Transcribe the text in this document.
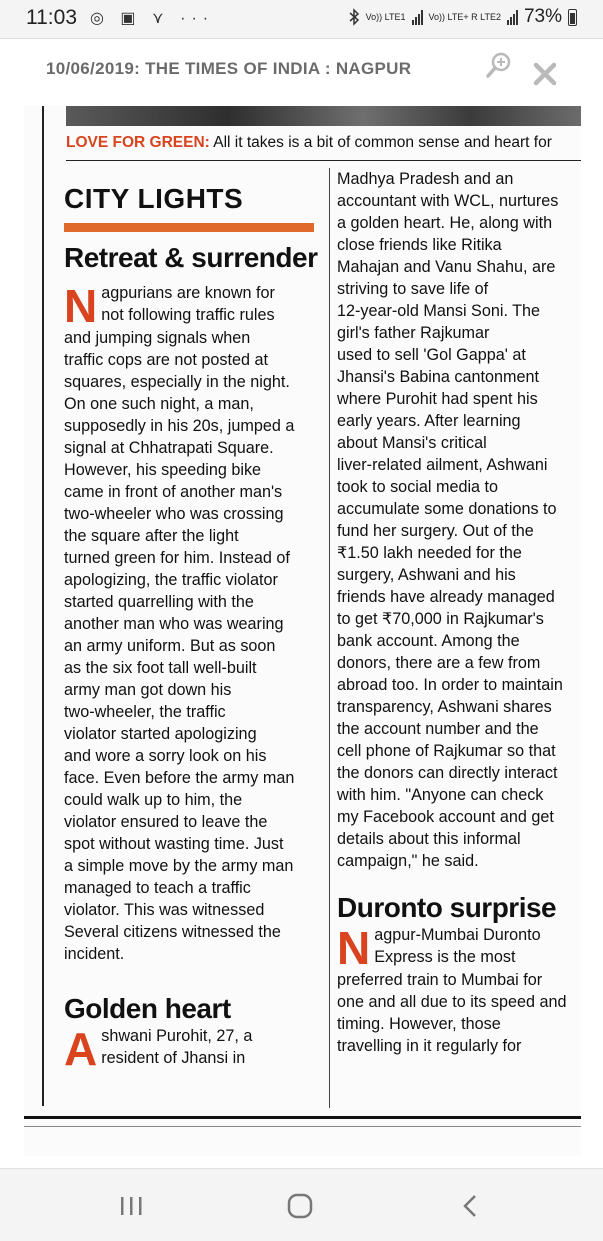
11:03 ◎ ▣ ⋎ ···	Vo)) LTE1	Vo)) LTE+ R LTE2 73%
10/06/2019: THE TIMES OF INDIA : NAGPUR
LOVE FOR GREEN: All it takes is a bit of common sense and heart for
CITY LIGHTS
Retreat & surrender
N agpurians are known for
not following traffic rules
and jumping signals when
traffic cops are not posted at
squares, especially in the night.
On one such night, a man,
supposedly in his 20s, jumped a
signal at Chhatrapati Square.
However, his speeding bike
came in front of another man's
two-wheeler who was crossing
the square after the light
turned green for him. Instead of
apologizing, the traffic violator
started quarrelling with the
another man who was wearing
an army uniform. But as soon
as the six foot tall well-built
army man got down his
two-wheeler, the traffic
violator started apologizing
and wore a sorry look on his
face. Even before the army man
could walk up to him, the
violator ensured to leave the
spot without wasting time. Just
a simple move by the army man
managed to teach a traffic
violator. This was witnessed
Several citizens witnessed the
incident.
Golden heart
A shwani Purohit, 27, a
resident of Jhansi in
Madhya Pradesh and an
accountant with WCL, nurtures
a golden heart. He, along with
close friends like Ritika
Mahajan and Vanu Shahu, are
striving to save life of
12-year-old Mansi Soni. The
girl's father Rajkumar
used to sell 'Gol Gappa' at
Jhansi's Babina cantonment
where Purohit had spent his
early years. After learning
about Mansi's critical
liver-related ailment, Ashwani
took to social media to
accumulate some donations to
fund her surgery. Out of the
₹1.50 lakh needed for the
surgery, Ashwani and his
friends have already managed
to get ₹70,000 in Rajkumar's
bank account. Among the
donors, there are a few from
abroad too. In order to maintain
transparency, Ashwani shares
the account number and the
cell phone of Rajkumar so that
the donors can directly interact
with him. "Anyone can check
my Facebook account and get
details about this informal
campaign," he said.
Duronto surprise
N agpur-Mumbai Duronto
Express is the most
preferred train to Mumbai for
one and all due to its speed and
timing. However, those
travelling in it regularly for
